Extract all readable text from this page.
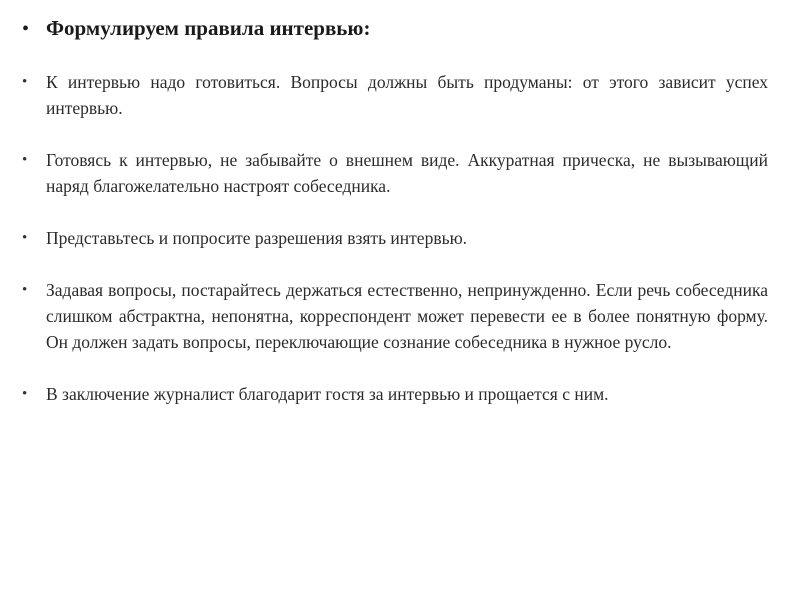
• Формулируем правила интервью:
•	К интервью надо готовиться. Вопросы должны быть продуманы: от этого зависит успех интервью.
•	Готовясь к интервью, не забывайте о внешнем виде. Аккуратная прическа, не вызывающий наряд благожелательно настроят собеседника.
•	Представьтесь и попросите разрешения взять интервью.
•	Задавая вопросы, постарайтесь держаться естественно, непринужденно. Если речь собеседника слишком абстрактна, непонятна, корреспондент может перевести ее в более понятную форму. Он должен задать вопросы, переключающие сознание собеседника в нужное русло.
•	В заключение журналист благодарит гостя за интервью и прощается с ним.
